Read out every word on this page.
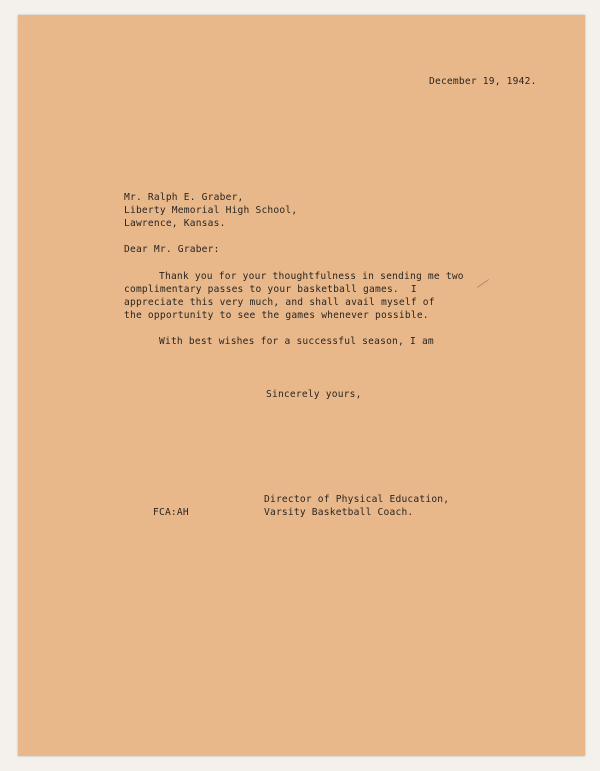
December 19, 1942.
Mr. Ralph E. Graber,
Liberty Memorial High School,
Lawrence, Kansas.
Dear Mr. Graber:
Thank you for your thoughtfulness in sending me two
complimentary passes to your basketball games.  I
appreciate this very much, and shall avail myself of
the opportunity to see the games whenever possible.
With best wishes for a successful season, I am
Sincerely yours,
Director of Physical Education,
Varsity Basketball Coach.
FCA:AH
